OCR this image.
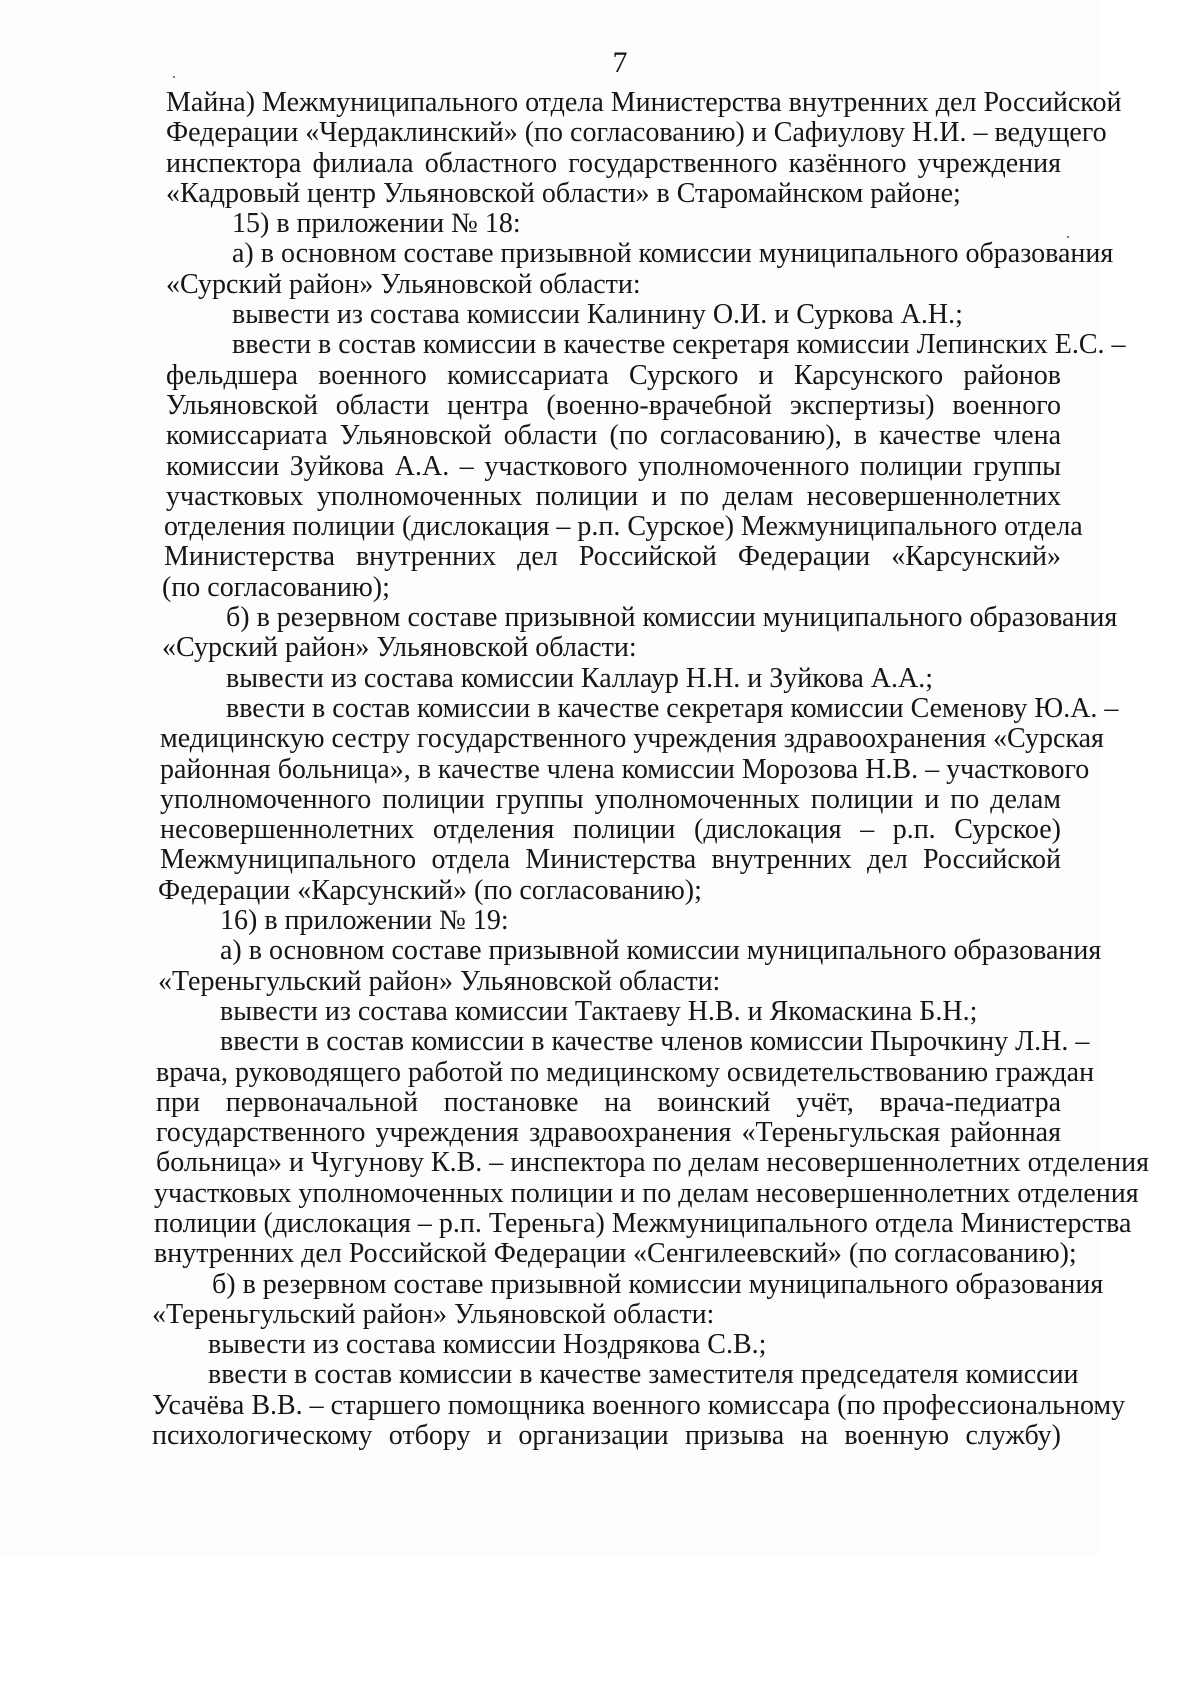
7
Майна) Межмуниципального отдела Министерства внутренних дел Российской
Федерации «Чердаклинский» (по согласованию) и Сафиулову Н.И. – ведущего
инспектора филиала областного государственного казённого учреждения
«Кадровый центр Ульяновской области» в Старомайнском районе;
15) в приложении № 18:
а) в основном составе призывной комиссии муниципального образования
«Сурский район» Ульяновской области:
вывести из состава комиссии Калинину О.И. и Суркова А.Н.;
ввести в состав комиссии в качестве секретаря комиссии Лепинских Е.С. –
фельдшера военного комиссариата Сурского и Карсунского районов
Ульяновской области центра (военно-врачебной экспертизы) военного
комиссариата Ульяновской области (по согласованию), в качестве члена
комиссии Зуйкова А.А. – участкового уполномоченного полиции группы
участковых уполномоченных полиции и по делам несовершеннолетних
отделения полиции (дислокация – р.п. Сурское) Межмуниципального отдела
Министерства внутренних дел Российской Федерации «Карсунский»
(по согласованию);
б) в резервном составе призывной комиссии муниципального образования
«Сурский район» Ульяновской области:
вывести из состава комиссии Каллаур Н.Н. и Зуйкова А.А.;
ввести в состав комиссии в качестве секретаря комиссии Семенову Ю.А. –
медицинскую сестру государственного учреждения здравоохранения «Сурская
районная больница», в качестве члена комиссии Морозова Н.В. – участкового
уполномоченного полиции группы уполномоченных полиции и по делам
несовершеннолетних отделения полиции (дислокация – р.п. Сурское)
Межмуниципального отдела Министерства внутренних дел Российской
Федерации «Карсунский» (по согласованию);
16) в приложении № 19:
а) в основном составе призывной комиссии муниципального образования
«Тереньгульский район» Ульяновской области:
вывести из состава комиссии Тактаеву Н.В. и Якомаскина Б.Н.;
ввести в состав комиссии в качестве членов комиссии Пырочкину Л.Н. –
врача, руководящего работой по медицинскому освидетельствованию граждан
при первоначальной постановке на воинский учёт, врача-педиатра
государственного учреждения здравоохранения «Тереньгульская районная
больница» и Чугунову К.В. – инспектора по делам несовершеннолетних отделения
участковых уполномоченных полиции и по делам несовершеннолетних отделения
полиции (дислокация – р.п. Тереньга) Межмуниципального отдела Министерства
внутренних дел Российской Федерации «Сенгилеевский» (по согласованию);
б) в резервном составе призывной комиссии муниципального образования
«Тереньгульский район» Ульяновской области:
вывести из состава комиссии Ноздрякова С.В.;
ввести в состав комиссии в качестве заместителя председателя комиссии
Усачёва В.В. – старшего помощника военного комиссара (по профессиональному
психологическому отбору и организации призыва на военную службу)
